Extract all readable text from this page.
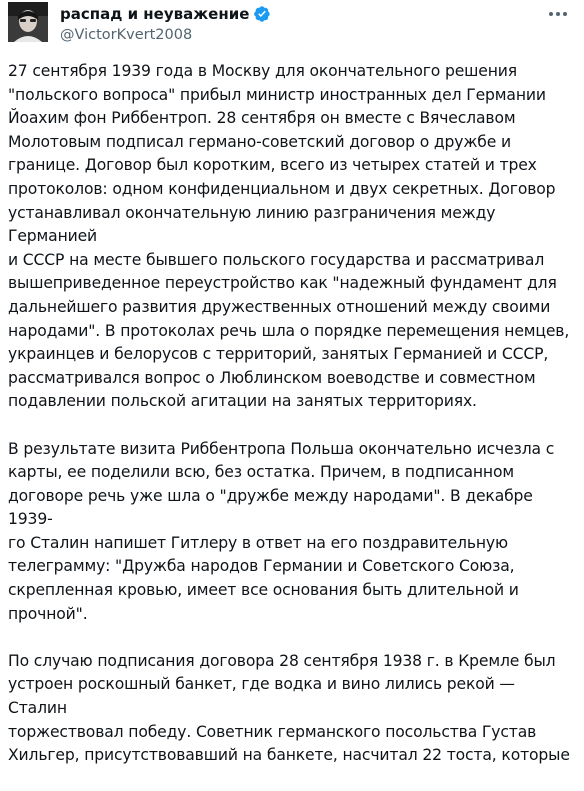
распад и неуважение
@VictorKvert2008

27 сентября 1939 года в Москву для окончательного решения
"польского вопроса" прибыл министр иностранных дел Германии
Йоахим фон Риббентроп. 28 сентября он вместе с Вячеславом
Молотовым подписал германо-советский договор о дружбе и
границе. Договор был коротким, всего из четырех статей и трех
протоколов: одном конфиденциальном и двух секретных. Договор
устанавливал окончательную линию разграничения между Германией
и СССР на месте бывшего польского государства и рассматривал
вышеприведенное переустройство как "надежный фундамент для
дальнейшего развития дружественных отношений между своими
народами". В протоколах речь шла о порядке перемещения немцев,
украинцев и белорусов с территорий, занятых Германией и СССР,
рассматривался вопрос о Люблинском воеводстве и совместном
подавлении польской агитации на занятых территориях.

В результате визита Риббентропа Польша окончательно исчезла с
карты, ее поделили всю, без остатка. Причем, в подписанном
договоре речь уже шла о "дружбе между народами". В декабре 1939-
го Сталин напишет Гитлеру в ответ на его поздравительную
телеграмму: "Дружба народов Германии и Советского Союза,
скрепленная кровью, имеет все основания быть длительной и
прочной".

По случаю подписания договора 28 сентября 1938 г. в Кремле был
устроен роскошный банкет, где водка и вино лились рекой — Сталин
торжествовал победу. Советник германского посольства Густав
Хильгер, присутствовавший на банкете, насчитал 22 тоста, которые
